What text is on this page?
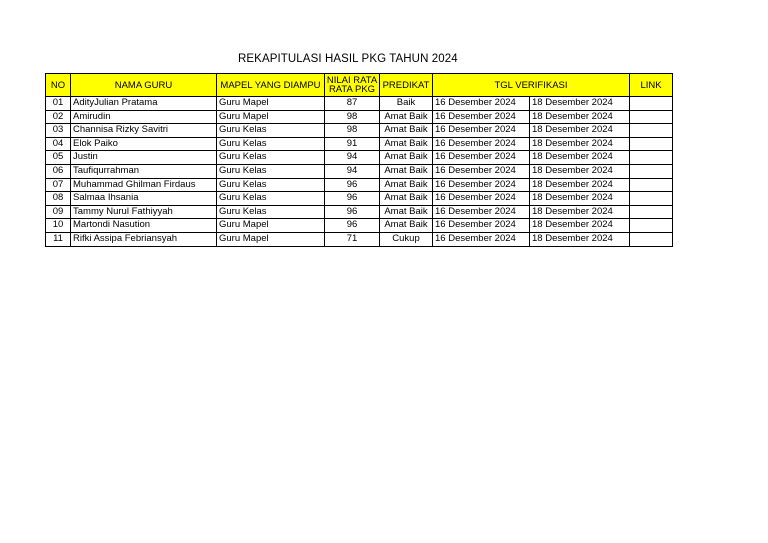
REKAPITULASI HASIL PKG TAHUN 2024
NO	NAMA GURU	MAPEL YANG DIAMPU	NILAI RATA
RATA PKG	PREDIKAT	TGL VERIFIKASI		LINK
01	AdityJulian Pratama	Guru Mapel	87	Baik	16 Desember 2024	18 Desember 2024	
02	Amirudin	Guru Mapel	98	Amat Baik	16 Desember 2024	18 Desember 2024	
03	Channisa Rizky Savitri	Guru Kelas	98	Amat Baik	16 Desember 2024	18 Desember 2024	
04	Elok Paiko	Guru Kelas	91	Amat Baik	16 Desember 2024	18 Desember 2024	
05	Justin	Guru Kelas	94	Amat Baik	16 Desember 2024	18 Desember 2024	
06	Taufiqurrahman	Guru Kelas	94	Amat Baik	16 Desember 2024	18 Desember 2024	
07	Muhammad Ghilman Firdaus	Guru Kelas	96	Amat Baik	16 Desember 2024	18 Desember 2024	
08	Salmaa Ihsania	Guru Kelas	96	Amat Baik	16 Desember 2024	18 Desember 2024	
09	Tammy Nurul Fathiyyah	Guru Kelas	96	Amat Baik	16 Desember 2024	18 Desember 2024	
10	Martondi Nasution	Guru Mapel	96	Amat Baik	16 Desember 2024	18 Desember 2024	
11	Rifki Assipa Febriansyah	Guru Mapel	71	Cukup	16 Desember 2024	18 Desember 2024	
